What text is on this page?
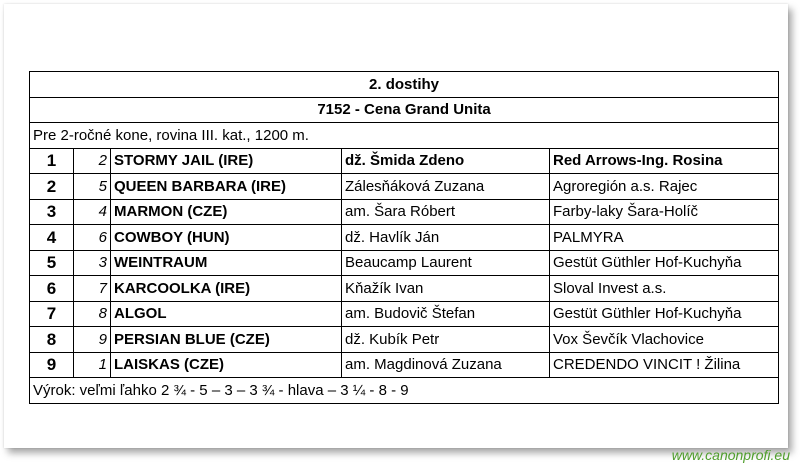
2. dostihy				
7152 - Cena Grand Unita				
Pre 2-ročné kone, rovina III. kat., 1200 m.				
1	2	STORMY JAIL (IRE)	dž. Šmida Zdeno	Red Arrows-Ing. Rosina
2	5	QUEEN BARBARA (IRE)	Zálesňáková Zuzana	Agroregión a.s. Rajec
3	4	MARMON (CZE)	am. Šara Róbert	Farby-laky Šara-Holíč
4	6	COWBOY (HUN)	dž. Havlík Ján	PALMYRA
5	3	WEINTRAUM	Beaucamp Laurent	Gestüt Güthler Hof-Kuchyňa
6	7	KARCOOLKA (IRE)	Kňažík Ivan	Sloval Invest a.s.
7	8	ALGOL	am. Budovič Štefan	Gestüt Güthler Hof-Kuchyňa
8	9	PERSIAN BLUE (CZE)	dž. Kubík Petr	Vox Ševčík Vlachovice
9	1	LAISKAS (CZE)	am. Magdinová Zuzana	CREDENDO VINCIT ! Žilina
Výrok: veľmi ľahko 2 ¾ - 5 – 3 – 3 ¾ - hlava – 3 ¼ - 8 - 9				
www.canonprofi.eu
